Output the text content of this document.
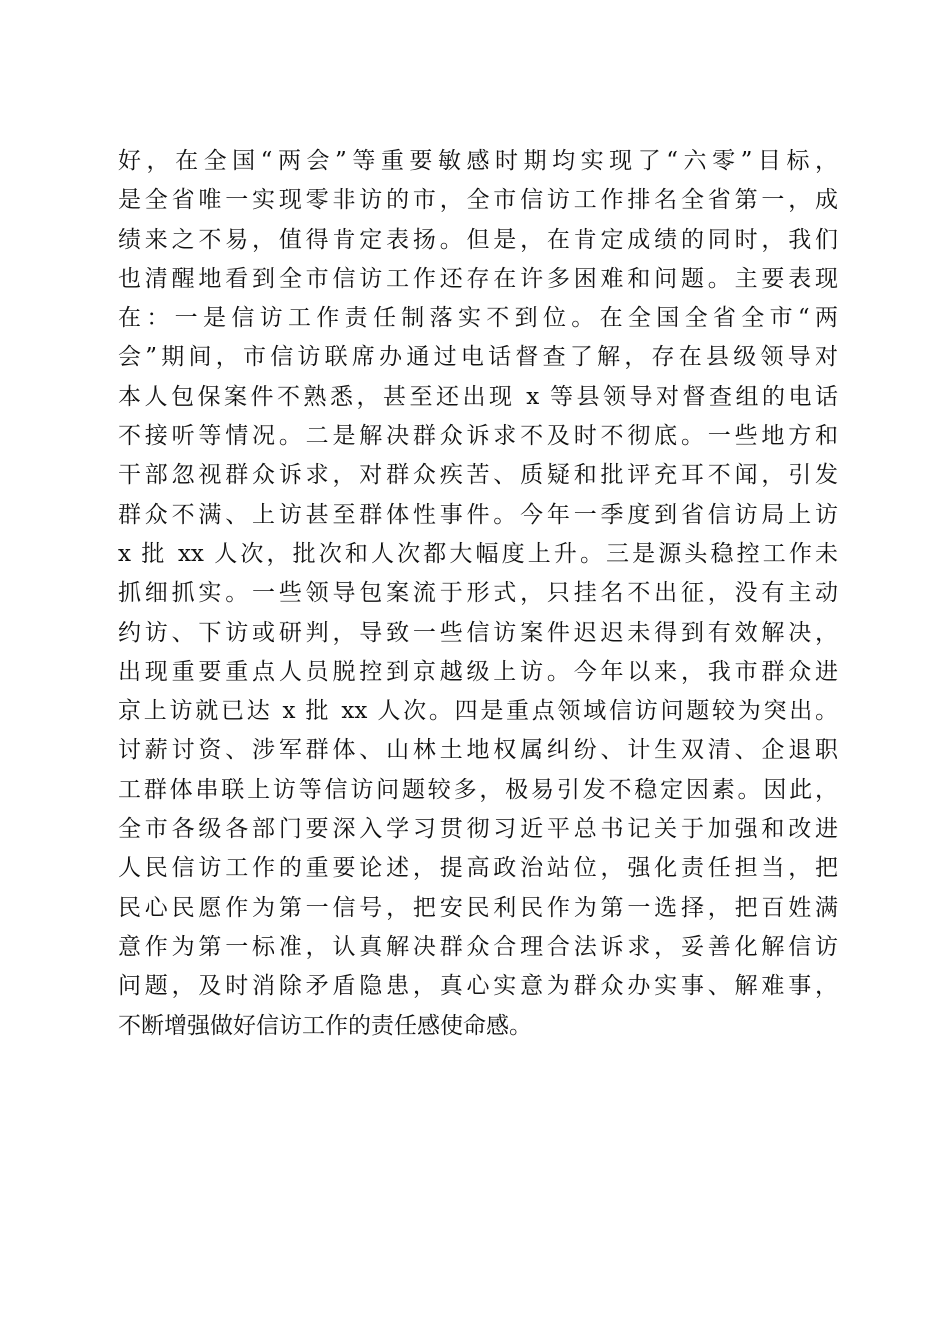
好，在全国“两会”等重要敏感时期均实现了“六零”目标，
是全省唯一实现零非访的市，全市信访工作排名全省第一，成
绩来之不易，值得肯定表扬。但是，在肯定成绩的同时，我们
也清醒地看到全市信访工作还存在许多困难和问题。主要表现
在：一是信访工作责任制落实不到位。在全国全省全市“两
会”期间，市信访联席办通过电话督查了解，存在县级领导对
本人包保案件不熟悉，甚至还出现 x 等县领导对督查组的电话
不接听等情况。二是解决群众诉求不及时不彻底。一些地方和
干部忽视群众诉求，对群众疾苦、质疑和批评充耳不闻，引发
群众不满、上访甚至群体性事件。今年一季度到省信访局上访
x 批 xx 人次，批次和人次都大幅度上升。三是源头稳控工作未
抓细抓实。一些领导包案流于形式，只挂名不出征，没有主动
约访、下访或研判，导致一些信访案件迟迟未得到有效解决，
出现重要重点人员脱控到京越级上访。今年以来，我市群众进
京上访就已达 x 批 xx 人次。四是重点领域信访问题较为突出。
讨薪讨资、涉军群体、山林土地权属纠纷、计生双清、企退职
工群体串联上访等信访问题较多，极易引发不稳定因素。因此，
全市各级各部门要深入学习贯彻习近平总书记关于加强和改进
人民信访工作的重要论述，提高政治站位，强化责任担当，把
民心民愿作为第一信号，把安民利民作为第一选择，把百姓满
意作为第一标准，认真解决群众合理合法诉求，妥善化解信访
问题，及时消除矛盾隐患，真心实意为群众办实事、解难事，
不断增强做好信访工作的责任感使命感。
